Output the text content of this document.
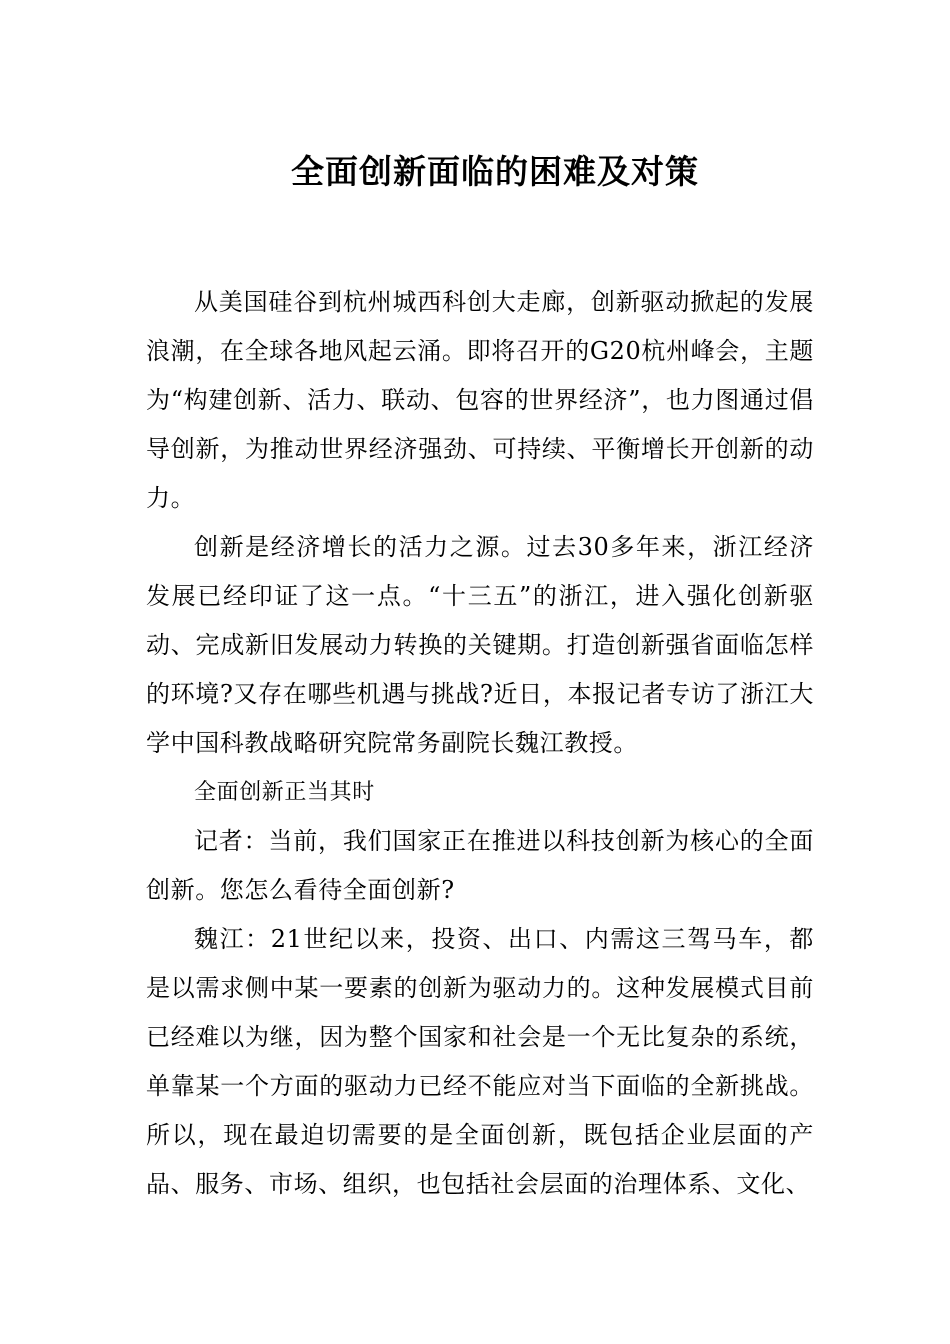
全面创新面临的困难及对策

从美国硅谷到杭州城西科创大走廊，创新驱动掀起的发展浪潮，在全球各地风起云涌。即将召开的G20杭州峰会，主题为“构建创新、活力、联动、包容的世界经济”，也力图通过倡导创新，为推动世界经济强劲、可持续、平衡增长开创新的动力。

创新是经济增长的活力之源。过去30多年来，浙江经济发展已经印证了这一点。“十三五”的浙江，进入强化创新驱动、完成新旧发展动力转换的关键期。打造创新强省面临怎样的环境?又存在哪些机遇与挑战?近日，本报记者专访了浙江大学中国科教战略研究院常务副院长魏江教授。

全面创新正当其时

记者：当前，我们国家正在推进以科技创新为核心的全面创新。您怎么看待全面创新?

魏江：21世纪以来，投资、出口、内需这三驾马车，都是以需求侧中某一要素的创新为驱动力的。这种发展模式目前已经难以为继，因为整个国家和社会是一个无比复杂的系统，单靠某一个方面的驱动力已经不能应对当下面临的全新挑战。所以，现在最迫切需要的是全面创新，既包括企业层面的产品、服务、市场、组织，也包括社会层面的治理体系、文化、
